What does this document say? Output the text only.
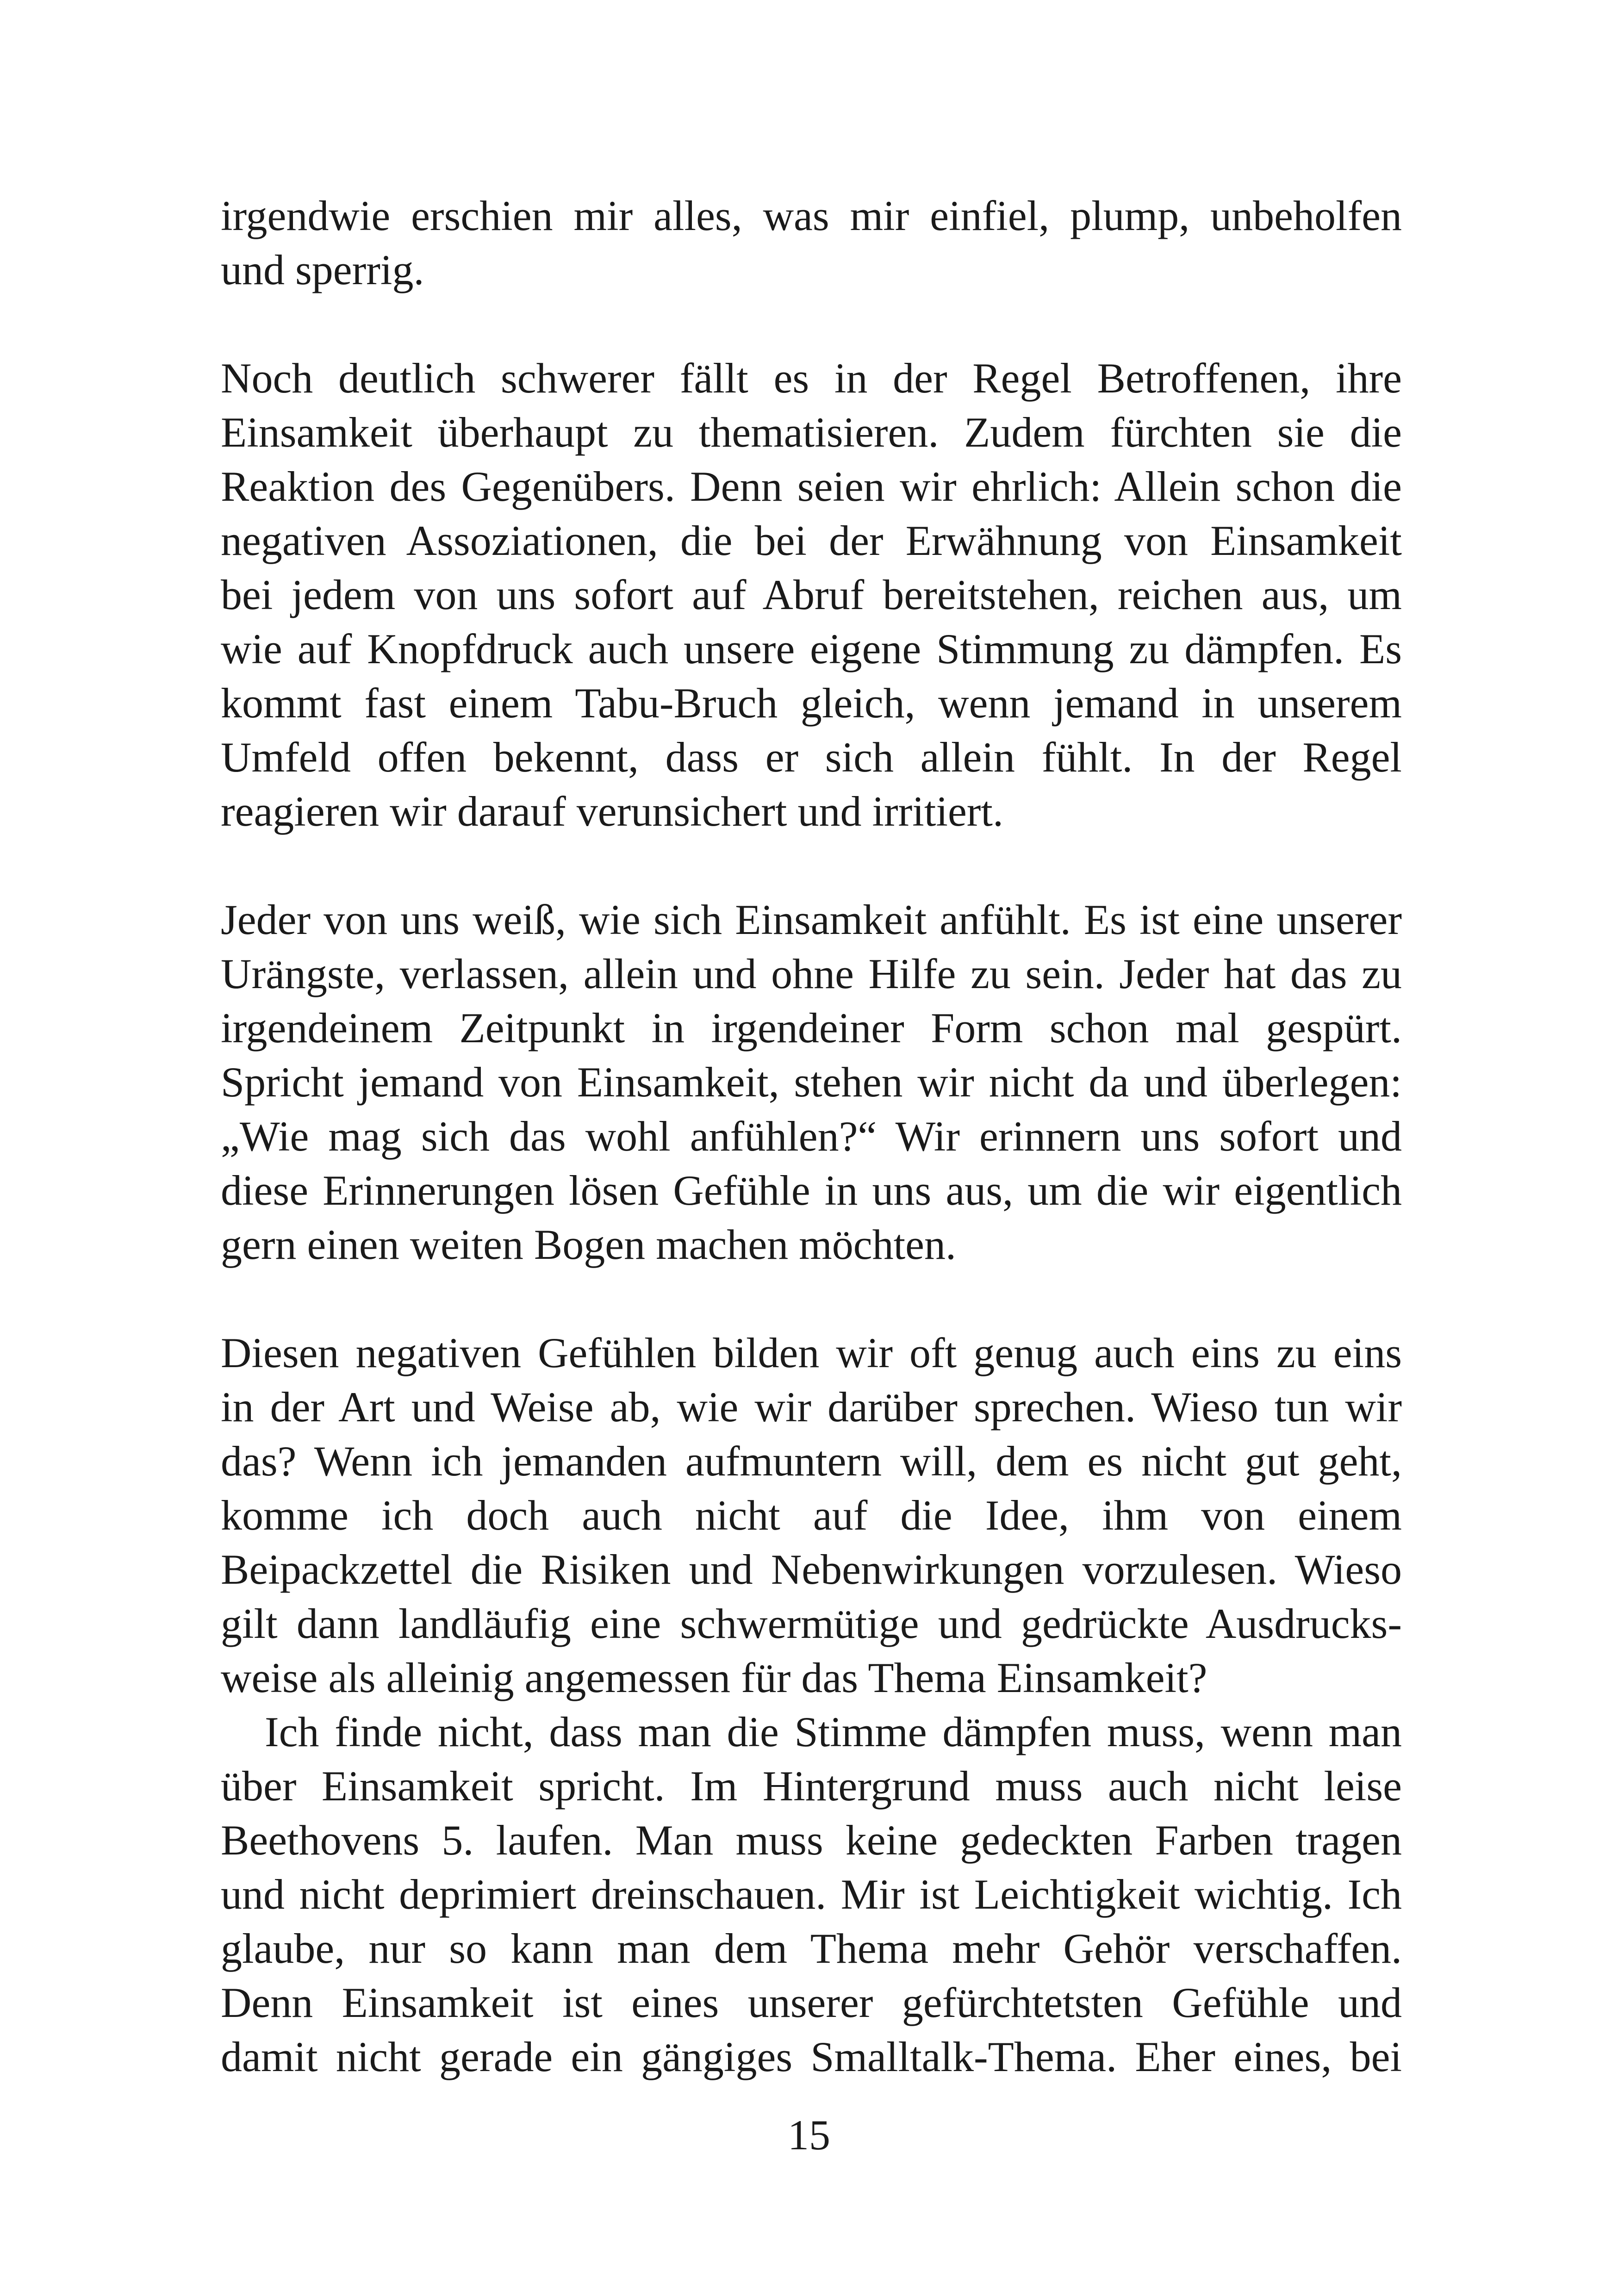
irgendwie erschien mir alles, was mir einfiel, plump, unbeholfen
und sperrig.
Noch deutlich schwerer fällt es in der Regel Betroffenen, ihre
Einsamkeit überhaupt zu thematisieren. Zudem fürchten sie die
Reaktion des Gegenübers. Denn seien wir ehrlich: Allein schon die
negativen Assoziationen, die bei der Erwähnung von Einsamkeit
bei jedem von uns sofort auf Abruf bereitstehen, reichen aus, um
wie auf Knopfdruck auch unsere eigene Stimmung zu dämpfen. Es
kommt fast einem Tabu-Bruch gleich, wenn jemand in unserem
Umfeld offen bekennt, dass er sich allein fühlt. In der Regel
reagieren wir darauf verunsichert und irritiert.
Jeder von uns weiß, wie sich Einsamkeit anfühlt. Es ist eine unserer
Urängste, verlassen, allein und ohne Hilfe zu sein. Jeder hat das zu
irgendeinem Zeitpunkt in irgendeiner Form schon mal gespürt.
Spricht jemand von Einsamkeit, stehen wir nicht da und überlegen:
„Wie mag sich das wohl anfühlen?“ Wir erinnern uns sofort und
diese Erinnerungen lösen Gefühle in uns aus, um die wir eigentlich
gern einen weiten Bogen machen möchten.
Diesen negativen Gefühlen bilden wir oft genug auch eins zu eins
in der Art und Weise ab, wie wir darüber sprechen. Wieso tun wir
das? Wenn ich jemanden aufmuntern will, dem es nicht gut geht,
komme ich doch auch nicht auf die Idee, ihm von einem
Beipackzettel die Risiken und Nebenwirkungen vorzulesen. Wieso
gilt dann landläufig eine schwermütige und gedrückte Ausdrucks-
weise als alleinig angemessen für das Thema Einsamkeit?
Ich finde nicht, dass man die Stimme dämpfen muss, wenn man
über Einsamkeit spricht. Im Hintergrund muss auch nicht leise
Beethovens 5. laufen. Man muss keine gedeckten Farben tragen
und nicht deprimiert dreinschauen. Mir ist Leichtigkeit wichtig. Ich
glaube, nur so kann man dem Thema mehr Gehör verschaffen.
Denn Einsamkeit ist eines unserer gefürchtetsten Gefühle und
damit nicht gerade ein gängiges Smalltalk-Thema. Eher eines, bei
15
